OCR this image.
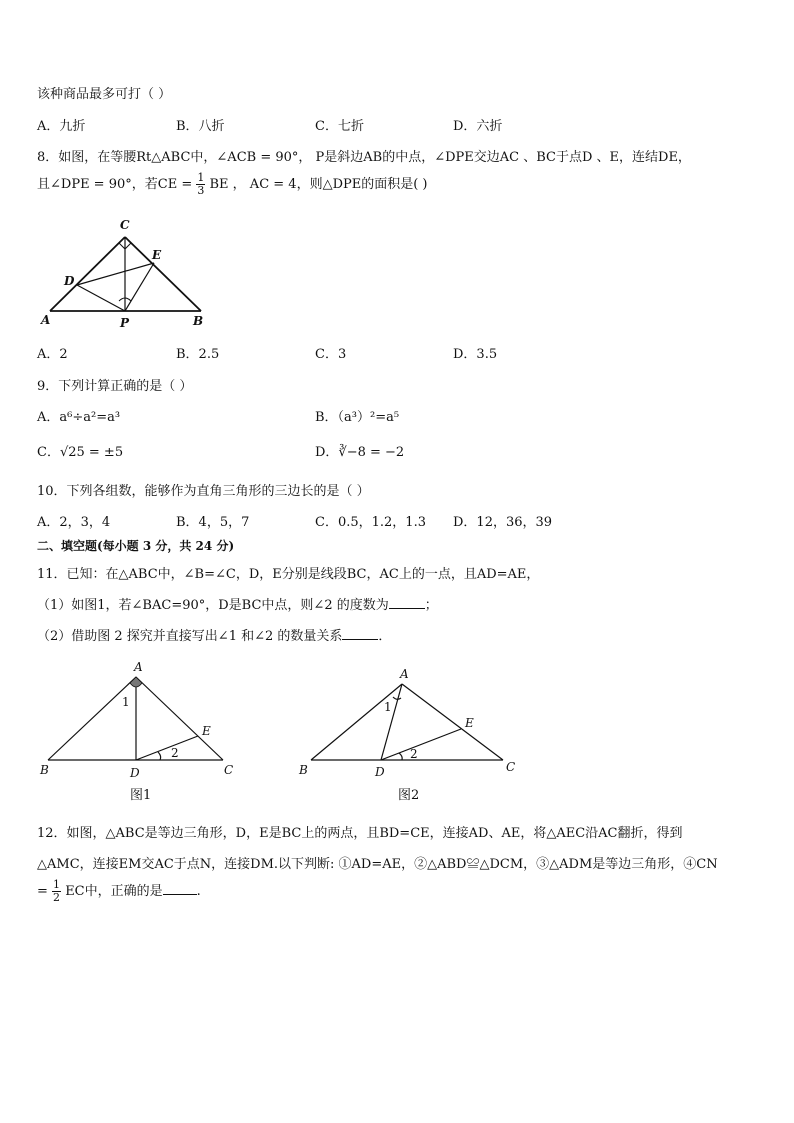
该种商品最多可打（ ）
A．九折	B．八折	C．七折	D．六折
8．如图，在等腰Rt△ABC中，∠ACB = 90°， P是斜边AB的中点，∠DPE交边AC 、BC于点D 、E，连结DE，
且∠DPE = 90°，若CE = $\frac{1}{3}$ BE ， AC = 4，则△DPE的面积是( )
A	B
C
D
E
P
A．2	B．2.5	C．3	D．3.5
9．下列计算正确的是（ ）
A．a⁶÷a²=a³	B．（a³）²=a⁵
C．√25 = ±5	D．∛−8 = −2
10．下列各组数，能够作为直角三角形的三边长的是（ ）
A．2，3，4	B．4，5，7	C．0.5，1.2，1.3 D．12，36，39
二、填空题(每小题 3 分，共 24 分)
11．已知：在△ABC中，∠B=∠C，D，E分别是线段BC，AC上的一点，且AD=AE，
（1）如图1，若∠BAC=90°，D是BC中点，则∠2 的度数为	；
（2）借助图 2 探究并直接写出∠1 和∠2 的数量关系	．
A
B	C
D
E
1
2
图1
A
B	C
D
E
1
2
图2
12．如图，△ABC是等边三角形，D，E是BC上的两点，且BD=CE，连接AD、AE，将△AEC沿AC翻折，得到
△AMC，连接EM交AC于点N，连接DM.以下判断: ①AD=AE，②△ABD≌△DCM，③△ADM是等边三角形，④CN
= $\frac{1}{2}$ EC中，正确的是	.
